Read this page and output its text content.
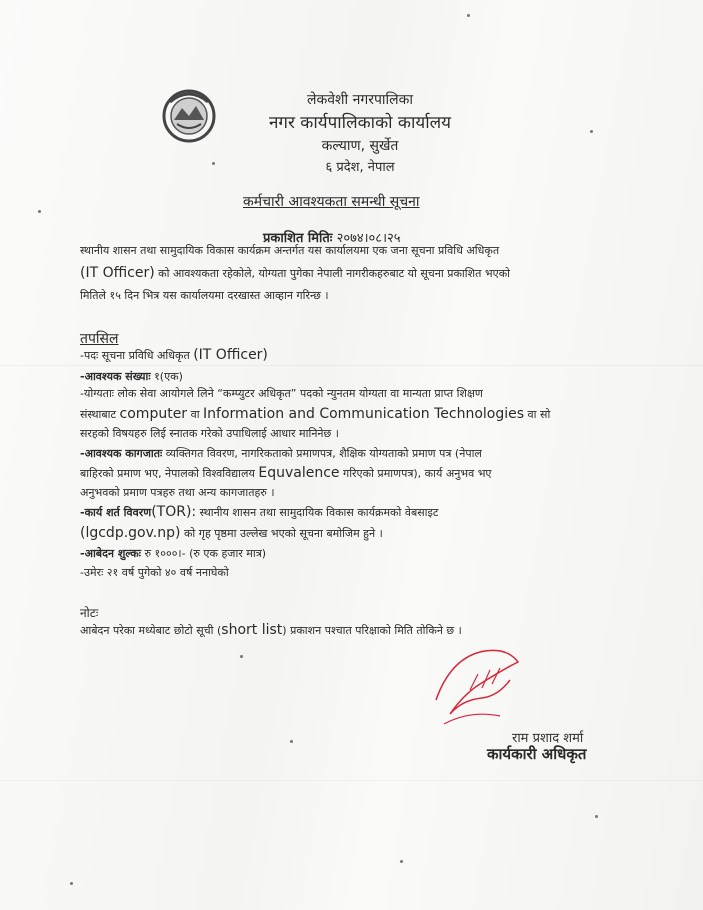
लेकवेशी नगरपालिका
नगर कार्यपालिकाको कार्यालय
कल्याण, सुर्खेत
६ प्रदेश, नेपाल
कर्मचारी आवश्यकता समन्धी सूचना
प्रकाशित मितिः २०७४।०८।२५
स्थानीय शासन तथा सामुदायिक विकास कार्यक्रम अन्तर्गत यस कार्यालयमा एक जना सूचना प्रविधि अधिकृत
(IT Officer) को आवश्यकता रहेकोले, योग्यता पुगेका नेपाली नागरीकहरुबाट यो सूचना प्रकाशित भएको
मितिले १५ दिन भित्र यस कार्यालयमा दरखास्त आव्हान गरिन्छ ।
तपसिल
-पदः सूचना प्रविधि अधिकृत (IT Officer)
-आवश्यक संख्याः १(एक)
-योग्यताः लोक सेवा आयोगले लिने “कम्प्युटर अधिकृत” पदको न्युनतम योग्यता वा मान्यता प्राप्त शिक्षण
संस्थाबाट computer वा Information and Communication Technologies वा सो
सरहको विषयहरु लिई स्नातक गरेको उपाधिलाई आधार मानिनेछ ।
-आवश्यक कागजातः व्यक्तिगत विवरण, नागरिकताको प्रमाणपत्र, शैक्षिक योग्यताको प्रमाण पत्र (नेपाल
बाहिरको प्रमाण भए, नेपालको विश्वविद्यालय Equvalence गरिएको प्रमाणपत्र), कार्य अनुभव भए
अनुभवको प्रमाण पत्रहरु तथा अन्य कागजातहरु ।
-कार्य शर्त विवरण(TOR): स्थानीय शासन तथा सामुदायिक विकास कार्यक्रमको वेबसाइट
(lgcdp.gov.np) को गृह पृष्ठमा उल्लेख भएको सूचना बमोजिम हुने ।
-आबेदन शुल्कः रु १०००।- (रु एक हजार मात्र)
-उमेरः २१ वर्ष पुगेको ४० वर्ष ननाघेको
नोटः
आबेदन परेका मध्येबाट छोटो सूची (short list) प्रकाशन पश्चात परिक्षाको मिति तोकिने छ ।
राम प्रशाद शर्मा
कार्यकारी अधिकृत
